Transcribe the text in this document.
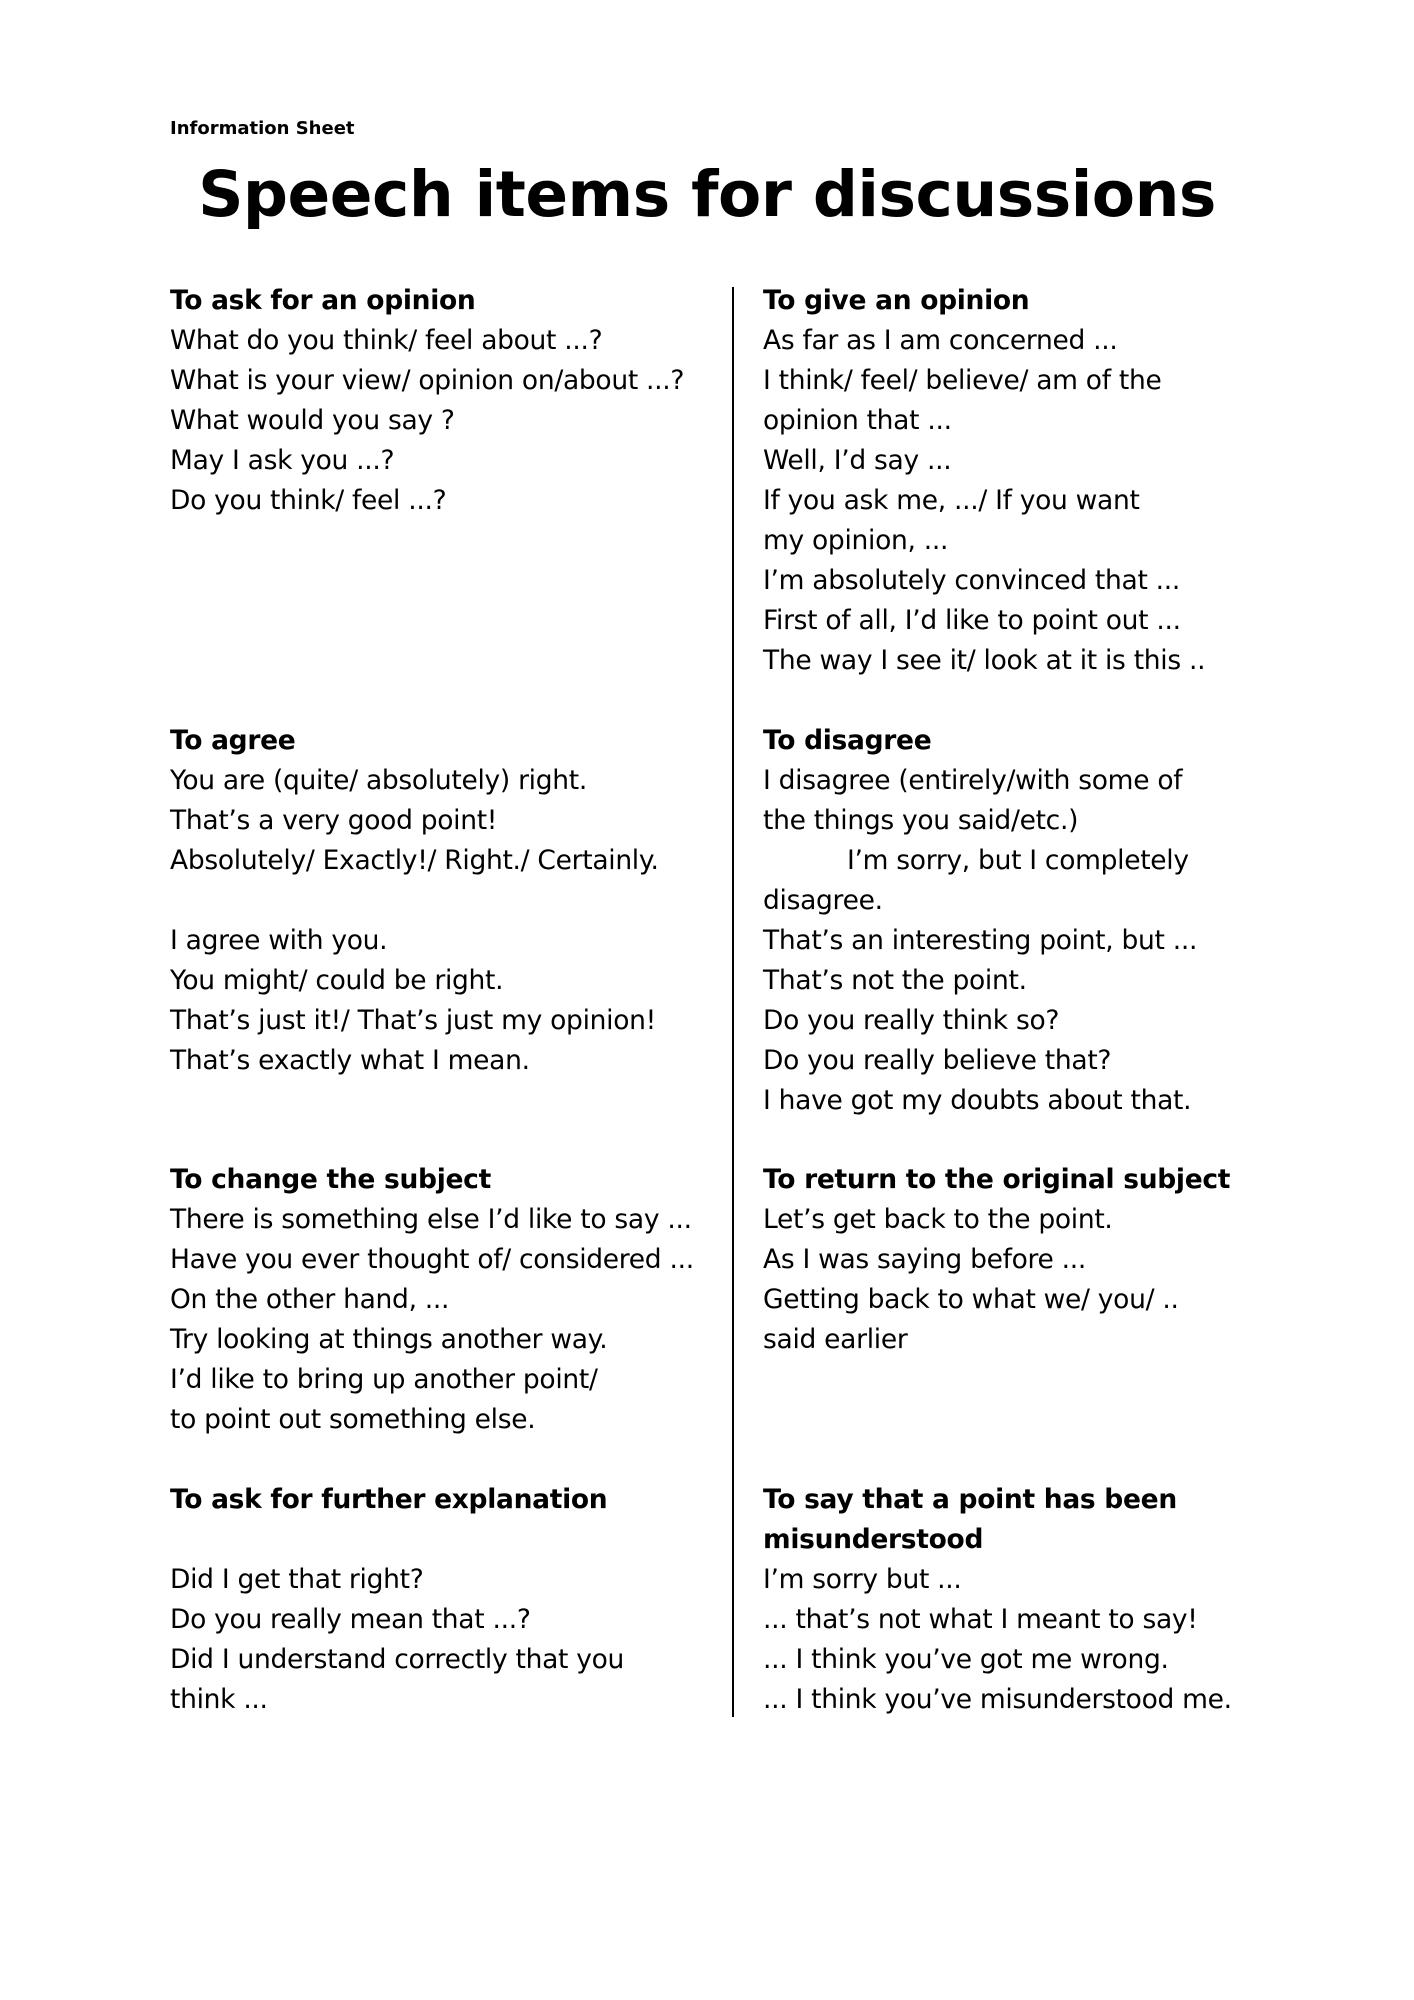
Information Sheet
Speech items for discussions
To ask for an opinion
What do you think/ feel about ...?
What is your view/ opinion on/about ...?
What would you say ?
May I ask you ...?
Do you think/ feel ...?
To give an opinion
As far as I am concerned ...
I think/ feel/ believe/ am of the
opinion that ...
Well, I’d say ...
If you ask me, .../ If you want
my opinion, ...
I’m absolutely convinced that ...
First of all, I’d like to point out ...
The way I see it/ look at it is this ..
To agree
You are (quite/ absolutely) right.
That’s a very good point!
Absolutely/ Exactly!/ Right./ Certainly.
I agree with you.
You might/ could be right.
That’s just it!/ That’s just my opinion!
That’s exactly what I mean.
To disagree
I disagree (entirely/with some of
the things you said/etc.)
I’m sorry, but I completely
disagree.
That’s an interesting point, but ...
That’s not the point.
Do you really think so?
Do you really believe that?
I have got my doubts about that.
To change the subject
There is something else I’d like to say ...
Have you ever thought of/ considered ...
On the other hand, ...
Try looking at things another way.
I’d like to bring up another point/
to point out something else.
To return to the original subject
Let’s get back to the point.
As I was saying before ...
Getting back to what we/ you/ ..
said earlier
To ask for further explanation
Did I get that right?
Do you really mean that ...?
Did I understand correctly that you
think ...
To say that a point has been
misunderstood
I’m sorry but ...
... that’s not what I meant to say!
... I think you’ve got me wrong.
... I think you’ve misunderstood me.
